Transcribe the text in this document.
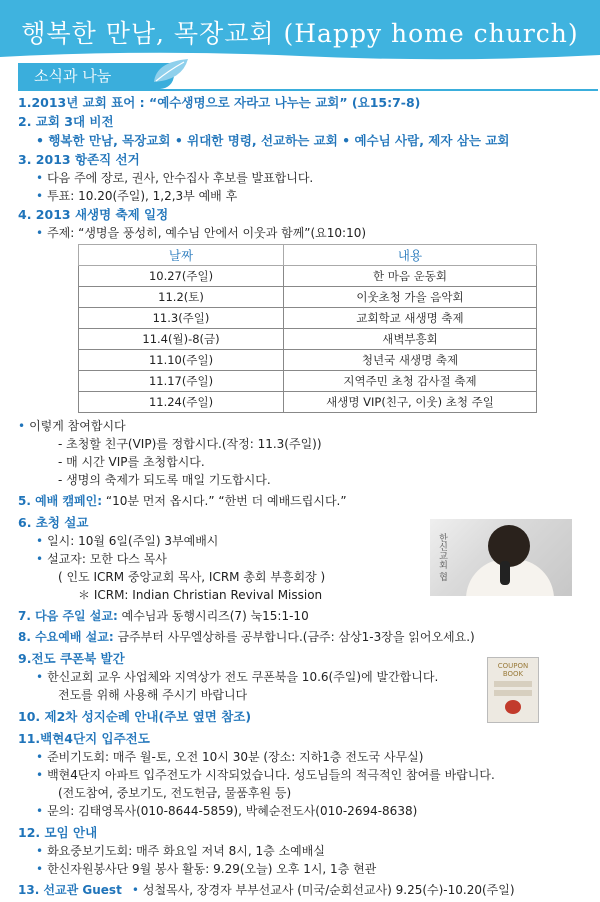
행복한 만남, 목장교회 (Happy home church)
소식과 나눔
1.2013년 교회 표어 : “예수생명으로 자라고 나누는 교회” (요15:7-8)
2. 교회 3대 비전
• 행복한 만남, 목장교회 • 위대한 명령, 선교하는 교회 • 예수님 사람, 제자 삼는 교회
3. 2013 항존직 선거
• 다음 주에 장로, 권사, 안수집사 후보를 발표합니다.
• 투표: 10.20(주일), 1,2,3부 예배 후
4. 2013 새생명 축제 일정
• 주제: “생명을 풍성히, 예수님 안에서 이웃과 함께”(요10:10)
날짜	내용
10.27(주일)	한 마음 운동회
11.2(토)	이웃초청 가을 음악회
11.3(주일)	교회학교 새생명 축제
11.4(월)-8(금)	새벽부흥회
11.10(주일)	청년국 새생명 축제
11.17(주일)	지역주민 초청 감사절 축제
11.24(주일)	새생명 VIP(친구, 이웃) 초청 주일
• 이렇게 참여합시다
- 초청할 친구(VIP)를 정합시다.(작정: 11.3(주일))
- 매 시간 VIP를 초청합시다.
- 생명의 축제가 되도록 매일 기도합시다.
5. 예배 캠페인: “10분 먼저 옵시다.” “한번 더 예배드립시다.”
6. 초청 설교
• 일시: 10월 6일(주일) 3부예배시
• 설교자: 모한 다스 목사
( 인도 ICRM 중앙교회 목사, ICRM 총회 부흥회장 )
＊ ICRM: Indian Christian Revival Mission
7. 다음 주일 설교: 예수님과 동행시리즈(7) 눅15:1-10
8. 수요예배 설교: 금주부터 사무엘상하를 공부합니다.(금주: 삼상1-3장을 읽어오세요.)
9.전도 쿠폰북 발간
• 한신교회 교우 사업체와 지역상가 전도 쿠폰북을 10.6(주일)에 발간합니다.
전도를 위해 사용해 주시기 바랍니다
10. 제2차 성지순례 안내(주보 옆면 참조)
11.백현4단지 입주전도
• 준비기도회: 매주 월-토, 오전 10시 30분 (장소: 지하1층 전도국 사무실)
• 백현4단지 아파트 입주전도가 시작되었습니다. 성도님들의 적극적인 참여를 바랍니다.
(전도참여, 중보기도, 전도헌금, 물품후원 등)
• 문의: 김태영목사(010-8644-5859), 박혜순전도사(010-2694-8638)
12. 모임 안내
• 화요중보기도회: 매주 화요일 저녁 8시, 1층 소예배실
• 한신자원봉사단 9월 봉사 활동: 9.29(오늘) 오후 1시, 1층 현관
13. 선교관 Guest • 성철목사, 장경자 부부선교사 (미국/순회선교사) 9.25(수)-10.20(주일)
한신교회 협
COUPON BOOK
